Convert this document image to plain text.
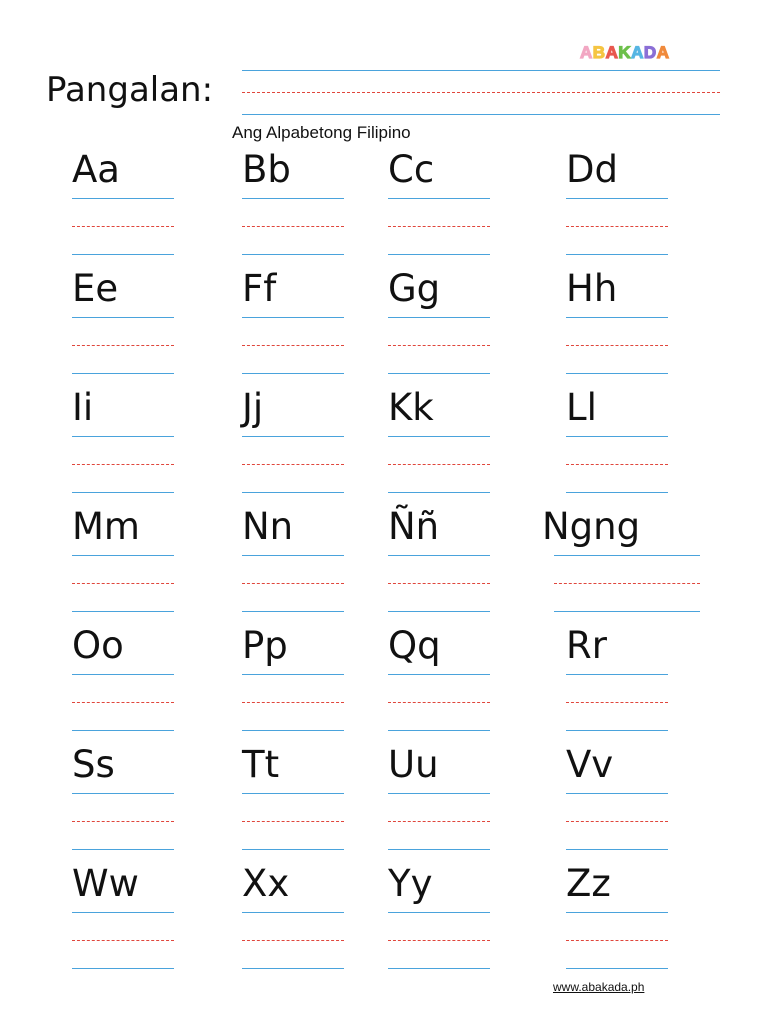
ABAKADA
Pangalan:
Ang Alpabetong Filipino
Aa	Bb	Cc	Dd
Ee	Ff	Gg	Hh
Ii	Jj	Kk	Ll
Mm	Nn	Ññ	Ngng
Oo	Pp	Qq	Rr
Ss	Tt	Uu	Vv
Ww	Xx	Yy	Zz
www.abakada.ph
